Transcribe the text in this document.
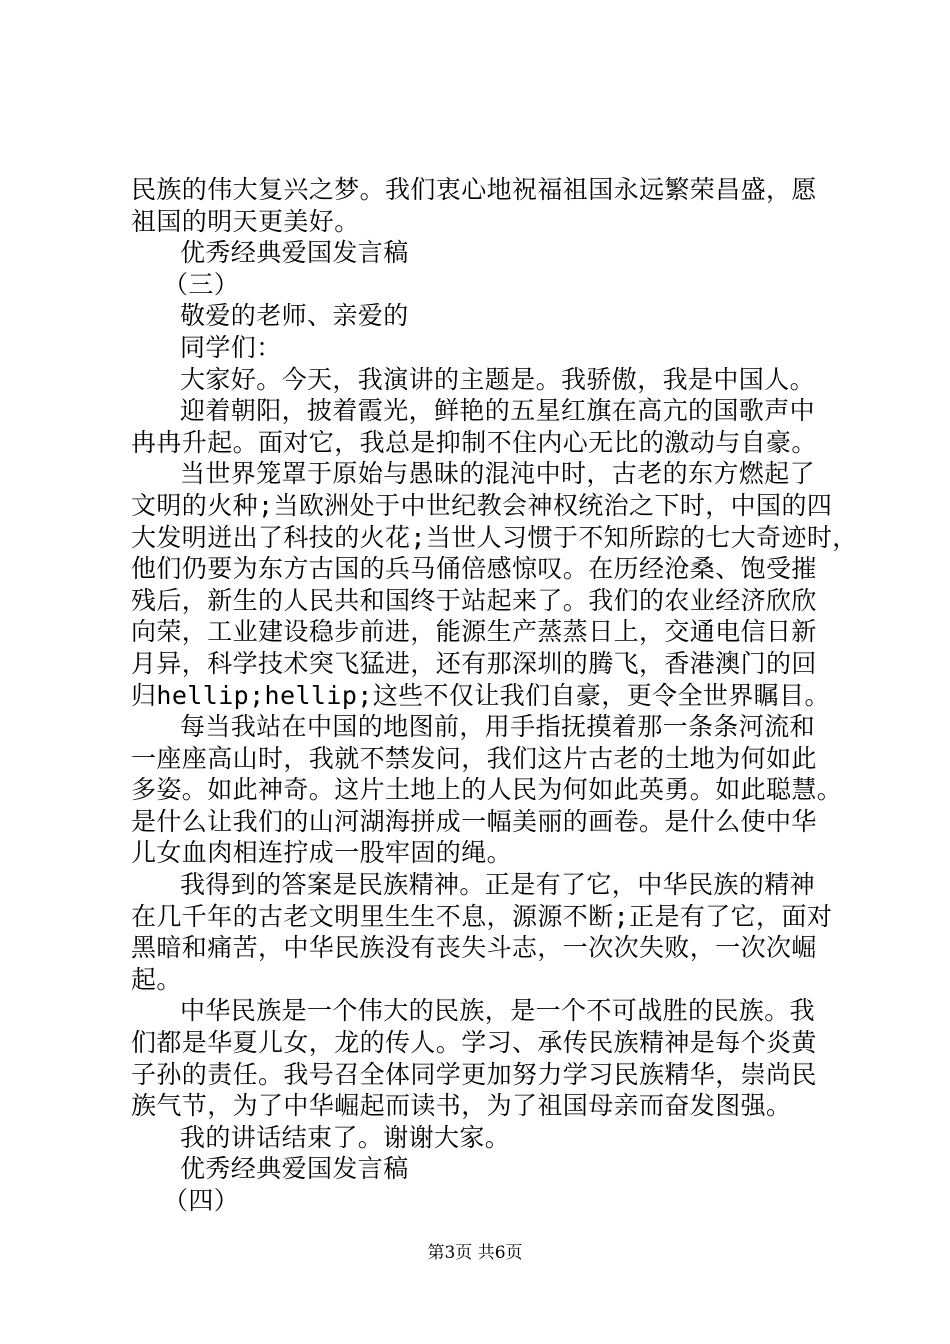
民族的伟大复兴之梦。我们衷心地祝福祖国永远繁荣昌盛，愿
祖国的明天更美好。
优秀经典爱国发言稿
（三）
敬爱的老师、亲爱的
同学们：
大家好。今天，我演讲的主题是。我骄傲，我是中国人。
迎着朝阳，披着霞光，鲜艳的五星红旗在高亢的国歌声中
冉冉升起。面对它，我总是抑制不住内心无比的激动与自豪。
当世界笼罩于原始与愚昧的混沌中时，古老的东方燃起了
文明的火种;当欧洲处于中世纪教会神权统治之下时，中国的四
大发明迸出了科技的火花;当世人习惯于不知所踪的七大奇迹时，
他们仍要为东方古国的兵马俑倍感惊叹。在历经沧桑、饱受摧
残后，新生的人民共和国终于站起来了。我们的农业经济欣欣
向荣，工业建设稳步前进，能源生产蒸蒸日上，交通电信日新
月异，科学技术突飞猛进，还有那深圳的腾飞，香港澳门的回
归hellip;hellip;这些不仅让我们自豪，更令全世界瞩目。
每当我站在中国的地图前，用手指抚摸着那一条条河流和
一座座高山时，我就不禁发问，我们这片古老的土地为何如此
多姿。如此神奇。这片土地上的人民为何如此英勇。如此聪慧。
是什么让我们的山河湖海拼成一幅美丽的画卷。是什么使中华
儿女血肉相连拧成一股牢固的绳。
我得到的答案是民族精神。正是有了它，中华民族的精神
在几千年的古老文明里生生不息，源源不断;正是有了它，面对
黑暗和痛苦，中华民族没有丧失斗志，一次次失败，一次次崛
起。
中华民族是一个伟大的民族，是一个不可战胜的民族。我
们都是华夏儿女，龙的传人。学习、承传民族精神是每个炎黄
子孙的责任。我号召全体同学更加努力学习民族精华，崇尚民
族气节，为了中华崛起而读书，为了祖国母亲而奋发图强。
我的讲话结束了。谢谢大家。
优秀经典爱国发言稿
（四）
第3页 共6页
